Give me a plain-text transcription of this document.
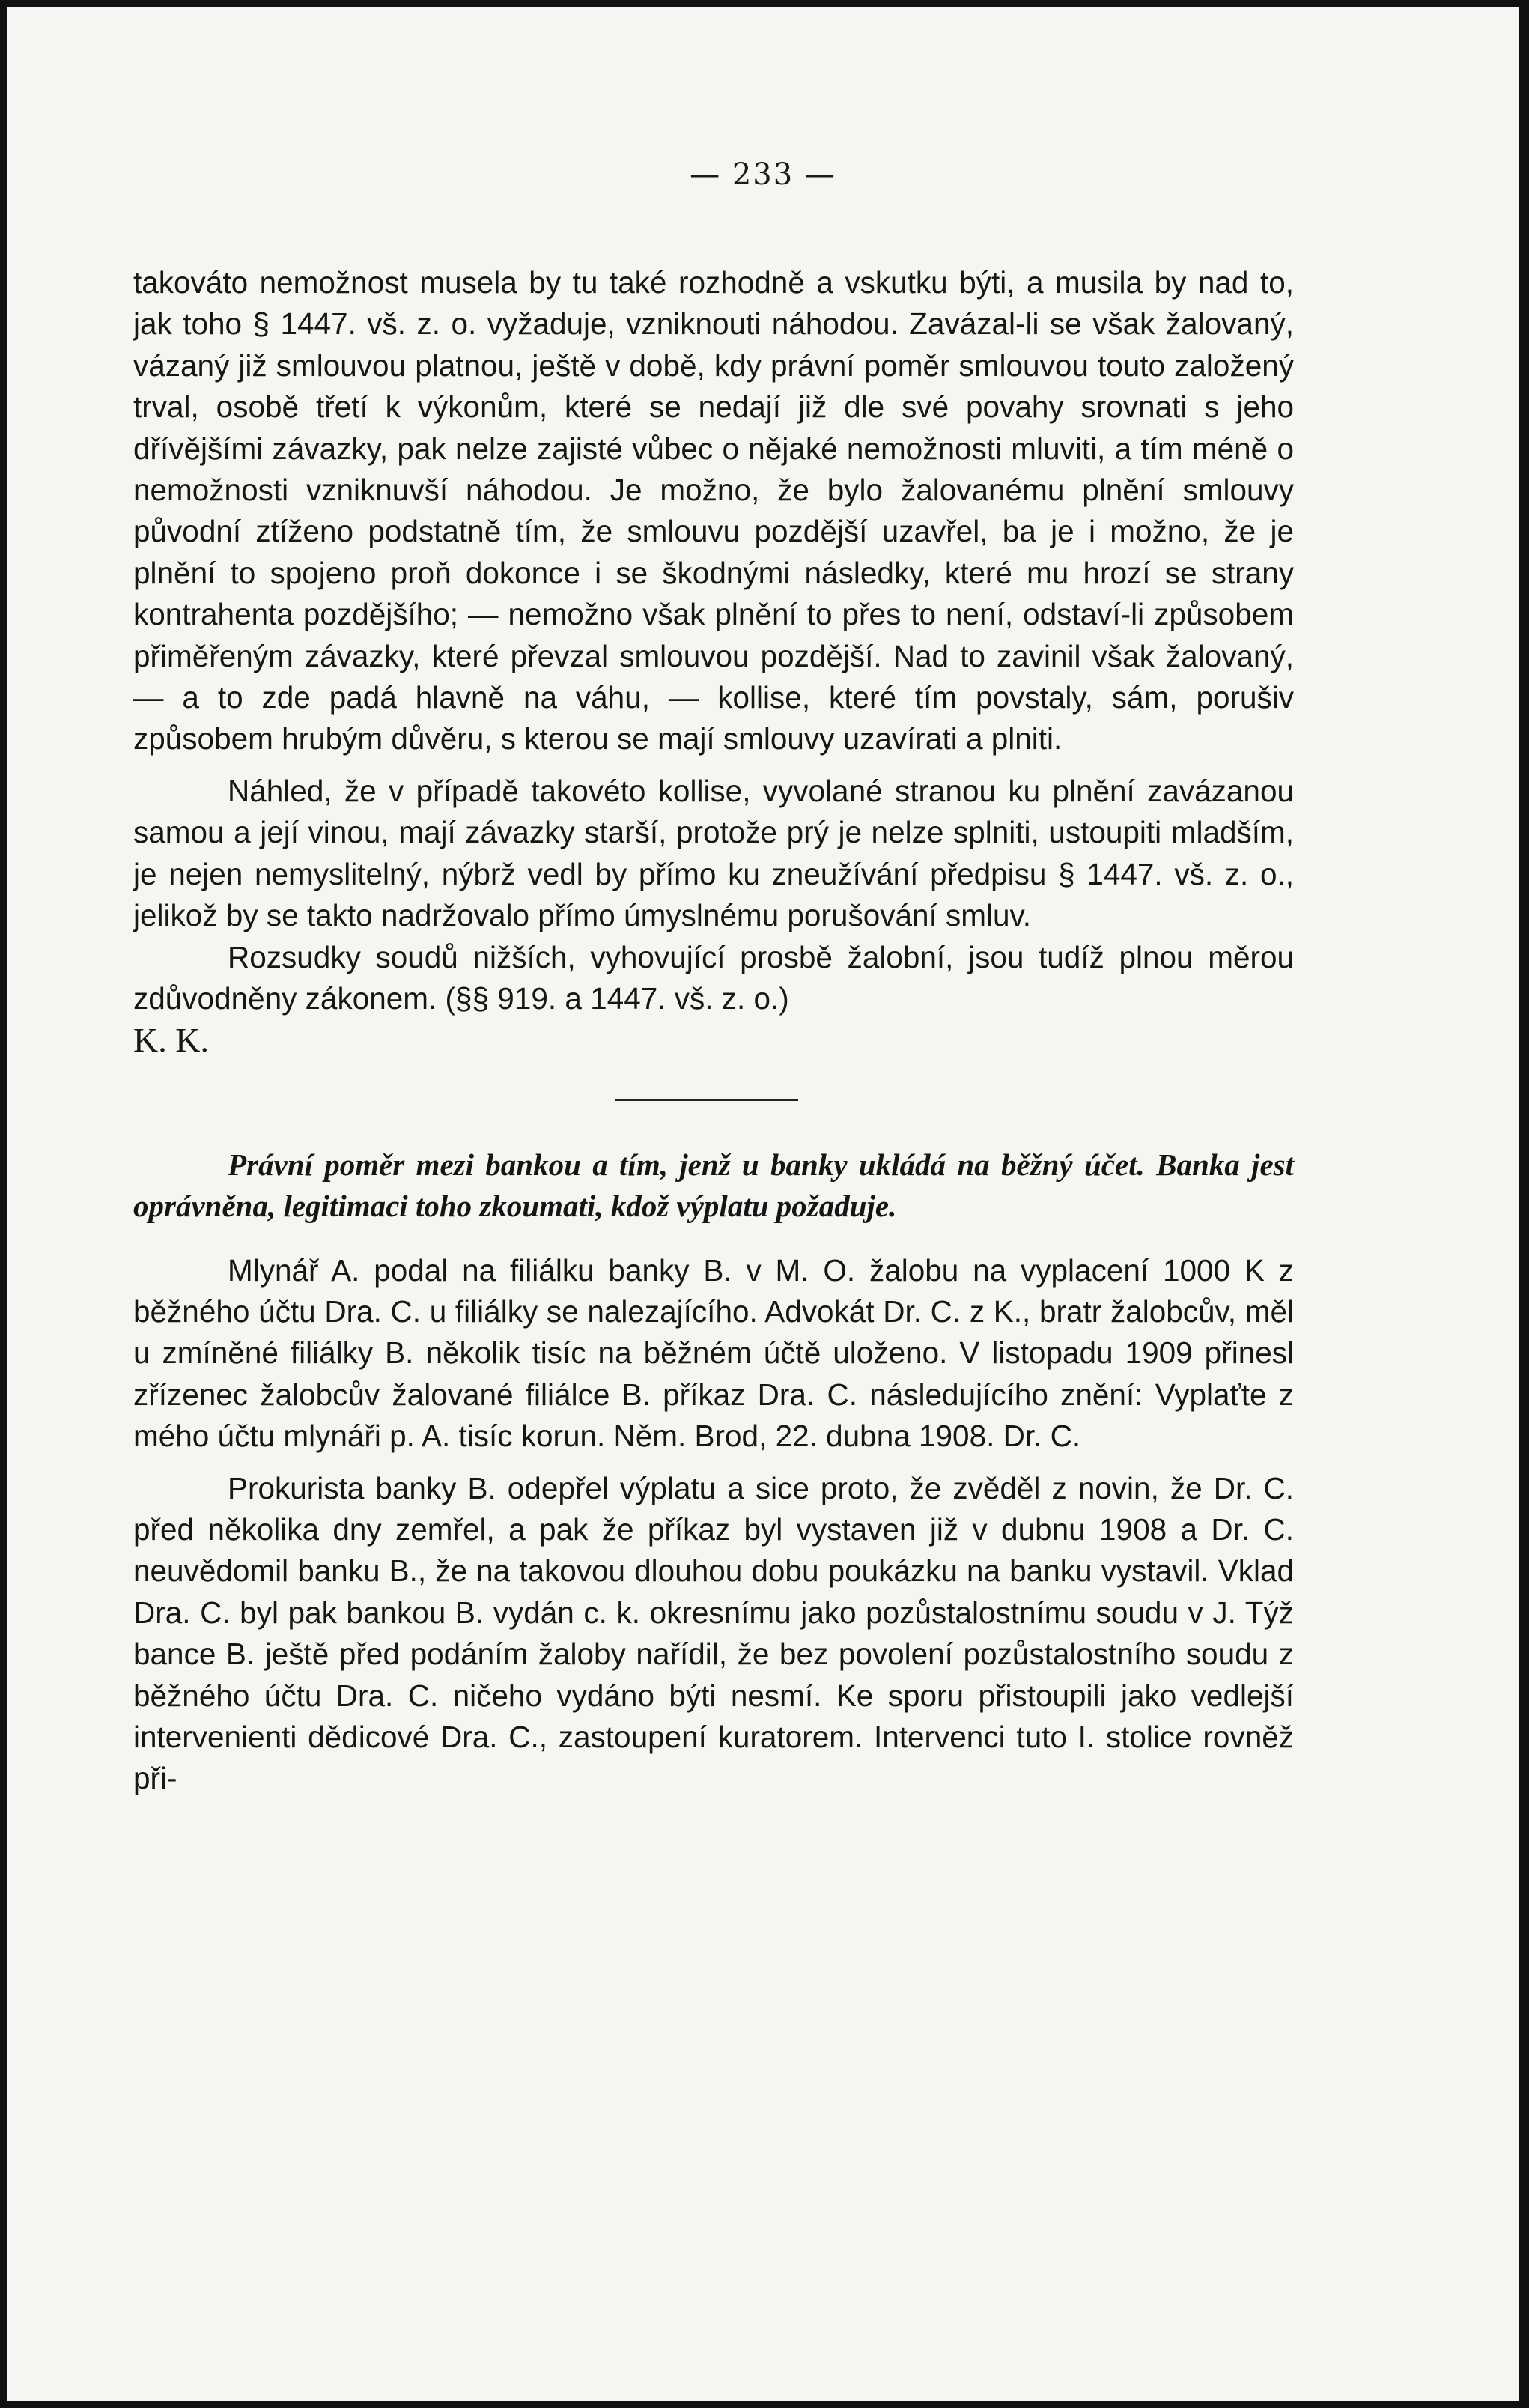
— 233 —

takováto nemožnost musela by tu také rozhodně a vskutku býti, a musila by nad to, jak toho § 1447. vš. z. o. vyžaduje, vzniknouti náhodou. Zavázal-li se však žalovaný, vázaný již smlouvou platnou, ještě v době, kdy právní poměr smlouvou touto založený trval, osobě třetí k výkonům, které se nedají již dle své povahy srovnati s jeho dřívějšími závazky, pak nelze zajisté vůbec o nějaké nemožnosti mluviti, a tím méně o nemožnosti vzniknuvší náhodou. Je možno, že bylo žalovanému plnění smlouvy původní ztíženo podstatně tím, že smlouvu pozdější uzavřel, ba je i možno, že je plnění to spojeno proň dokonce i se škodnými následky, které mu hrozí se strany kontrahenta pozdějšího; — nemožno však plnění to přes to není, odstaví-li způsobem přiměřeným závazky, které převzal smlouvou pozdější. Nad to zavinil však žalovaný, — a to zde padá hlavně na váhu, — kollise, které tím povstaly, sám, porušiv způsobem hrubým důvěru, s kterou se mají smlouvy uzavírati a plniti.

Náhled, že v případě takovéto kollise, vyvolané stranou ku plnění zavázanou samou a její vinou, mají závazky starší, protože prý je nelze splniti, ustoupiti mladším, je nejen nemyslitelný, nýbrž vedl by přímo ku zneužívání předpisu § 1447. vš. z. o., jelikož by se takto nadržovalo přímo úmyslnému porušování smluv.

Rozsudky soudů nižších, vyhovující prosbě žalobní, jsou tudíž plnou měrou zdůvodněny zákonem. (§§ 919. a 1447. vš. z. o.)

K. K.

Právní poměr mezi bankou a tím, jenž u banky ukládá na běžný účet. Banka jest oprávněna, legitimaci toho zkoumati, kdož výplatu požaduje.

Mlynář A. podal na filiálku banky B. v M. O. žalobu na vyplacení 1000 K z běžného účtu Dra. C. u filiálky se nalezajícího. Advokát Dr. C. z K., bratr žalobcův, měl u zmíněné filiálky B. několik tisíc na běžném účtě uloženo. V listopadu 1909 přinesl zřízenec žalobcův žalované filiálce B. příkaz Dra. C. následujícího znění: Vyplaťte z mého účtu mlynáři p. A. tisíc korun. Něm. Brod, 22. dubna 1908. Dr. C.

Prokurista banky B. odepřel výplatu a sice proto, že zvěděl z novin, že Dr. C. před několika dny zemřel, a pak že příkaz byl vystaven již v dubnu 1908 a Dr. C. neuvědomil banku B., že na takovou dlouhou dobu poukázku na banku vystavil. Vklad Dra. C. byl pak bankou B. vydán c. k. okresnímu jako pozůstalostnímu soudu v J. Týž bance B. ještě před podáním žaloby nařídil, že bez povolení pozůstalostního soudu z běžného účtu Dra. C. ničeho vydáno býti nesmí. Ke sporu přistoupili jako vedlejší intervenienti dědicové Dra. C., zastoupení kuratorem. Intervenci tuto I. stolice rovněž při-
